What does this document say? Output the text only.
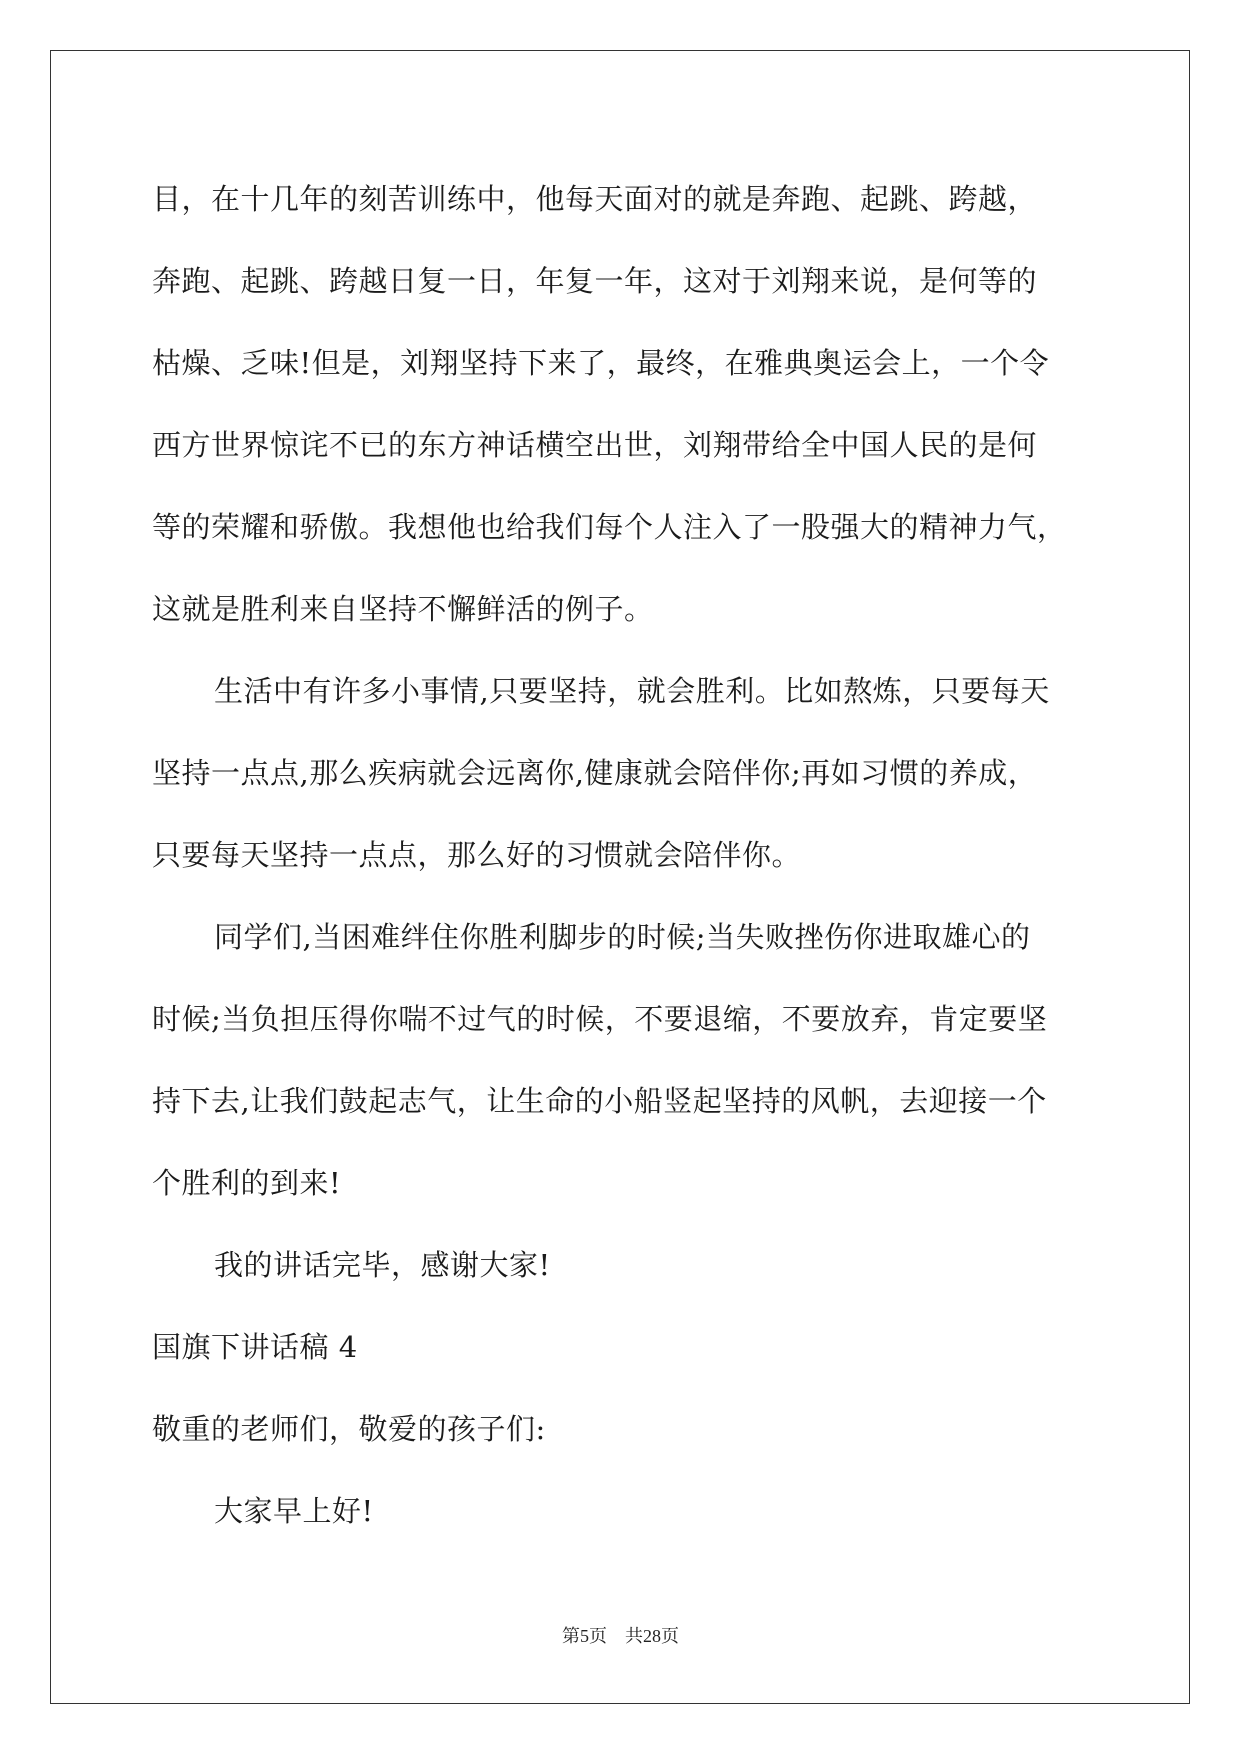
目，在十几年的刻苦训练中，他每天面对的就是奔跑、起跳、跨越，
奔跑、起跳、跨越日复一日，年复一年，这对于刘翔来说，是何等的
枯燥、乏味!但是，刘翔坚持下来了，最终，在雅典奥运会上，一个令
西方世界惊诧不已的东方神话横空出世，刘翔带给全中国人民的是何
等的荣耀和骄傲。我想他也给我们每个人注入了一股强大的精神力气，
这就是胜利来自坚持不懈鲜活的例子。
生活中有许多小事情,只要坚持，就会胜利。比如熬炼，只要每天
坚持一点点,那么疾病就会远离你,健康就会陪伴你;再如习惯的养成，
只要每天坚持一点点，那么好的习惯就会陪伴你。
同学们,当困难绊住你胜利脚步的时候;当失败挫伤你进取雄心的
时候;当负担压得你喘不过气的时候，不要退缩，不要放弃，肯定要坚
持下去,让我们鼓起志气，让生命的小船竖起坚持的风帆，去迎接一个
个胜利的到来!
我的讲话完毕，感谢大家!
国旗下讲话稿 4
敬重的老师们，敬爱的孩子们:
大家早上好!
第5页　共28页
